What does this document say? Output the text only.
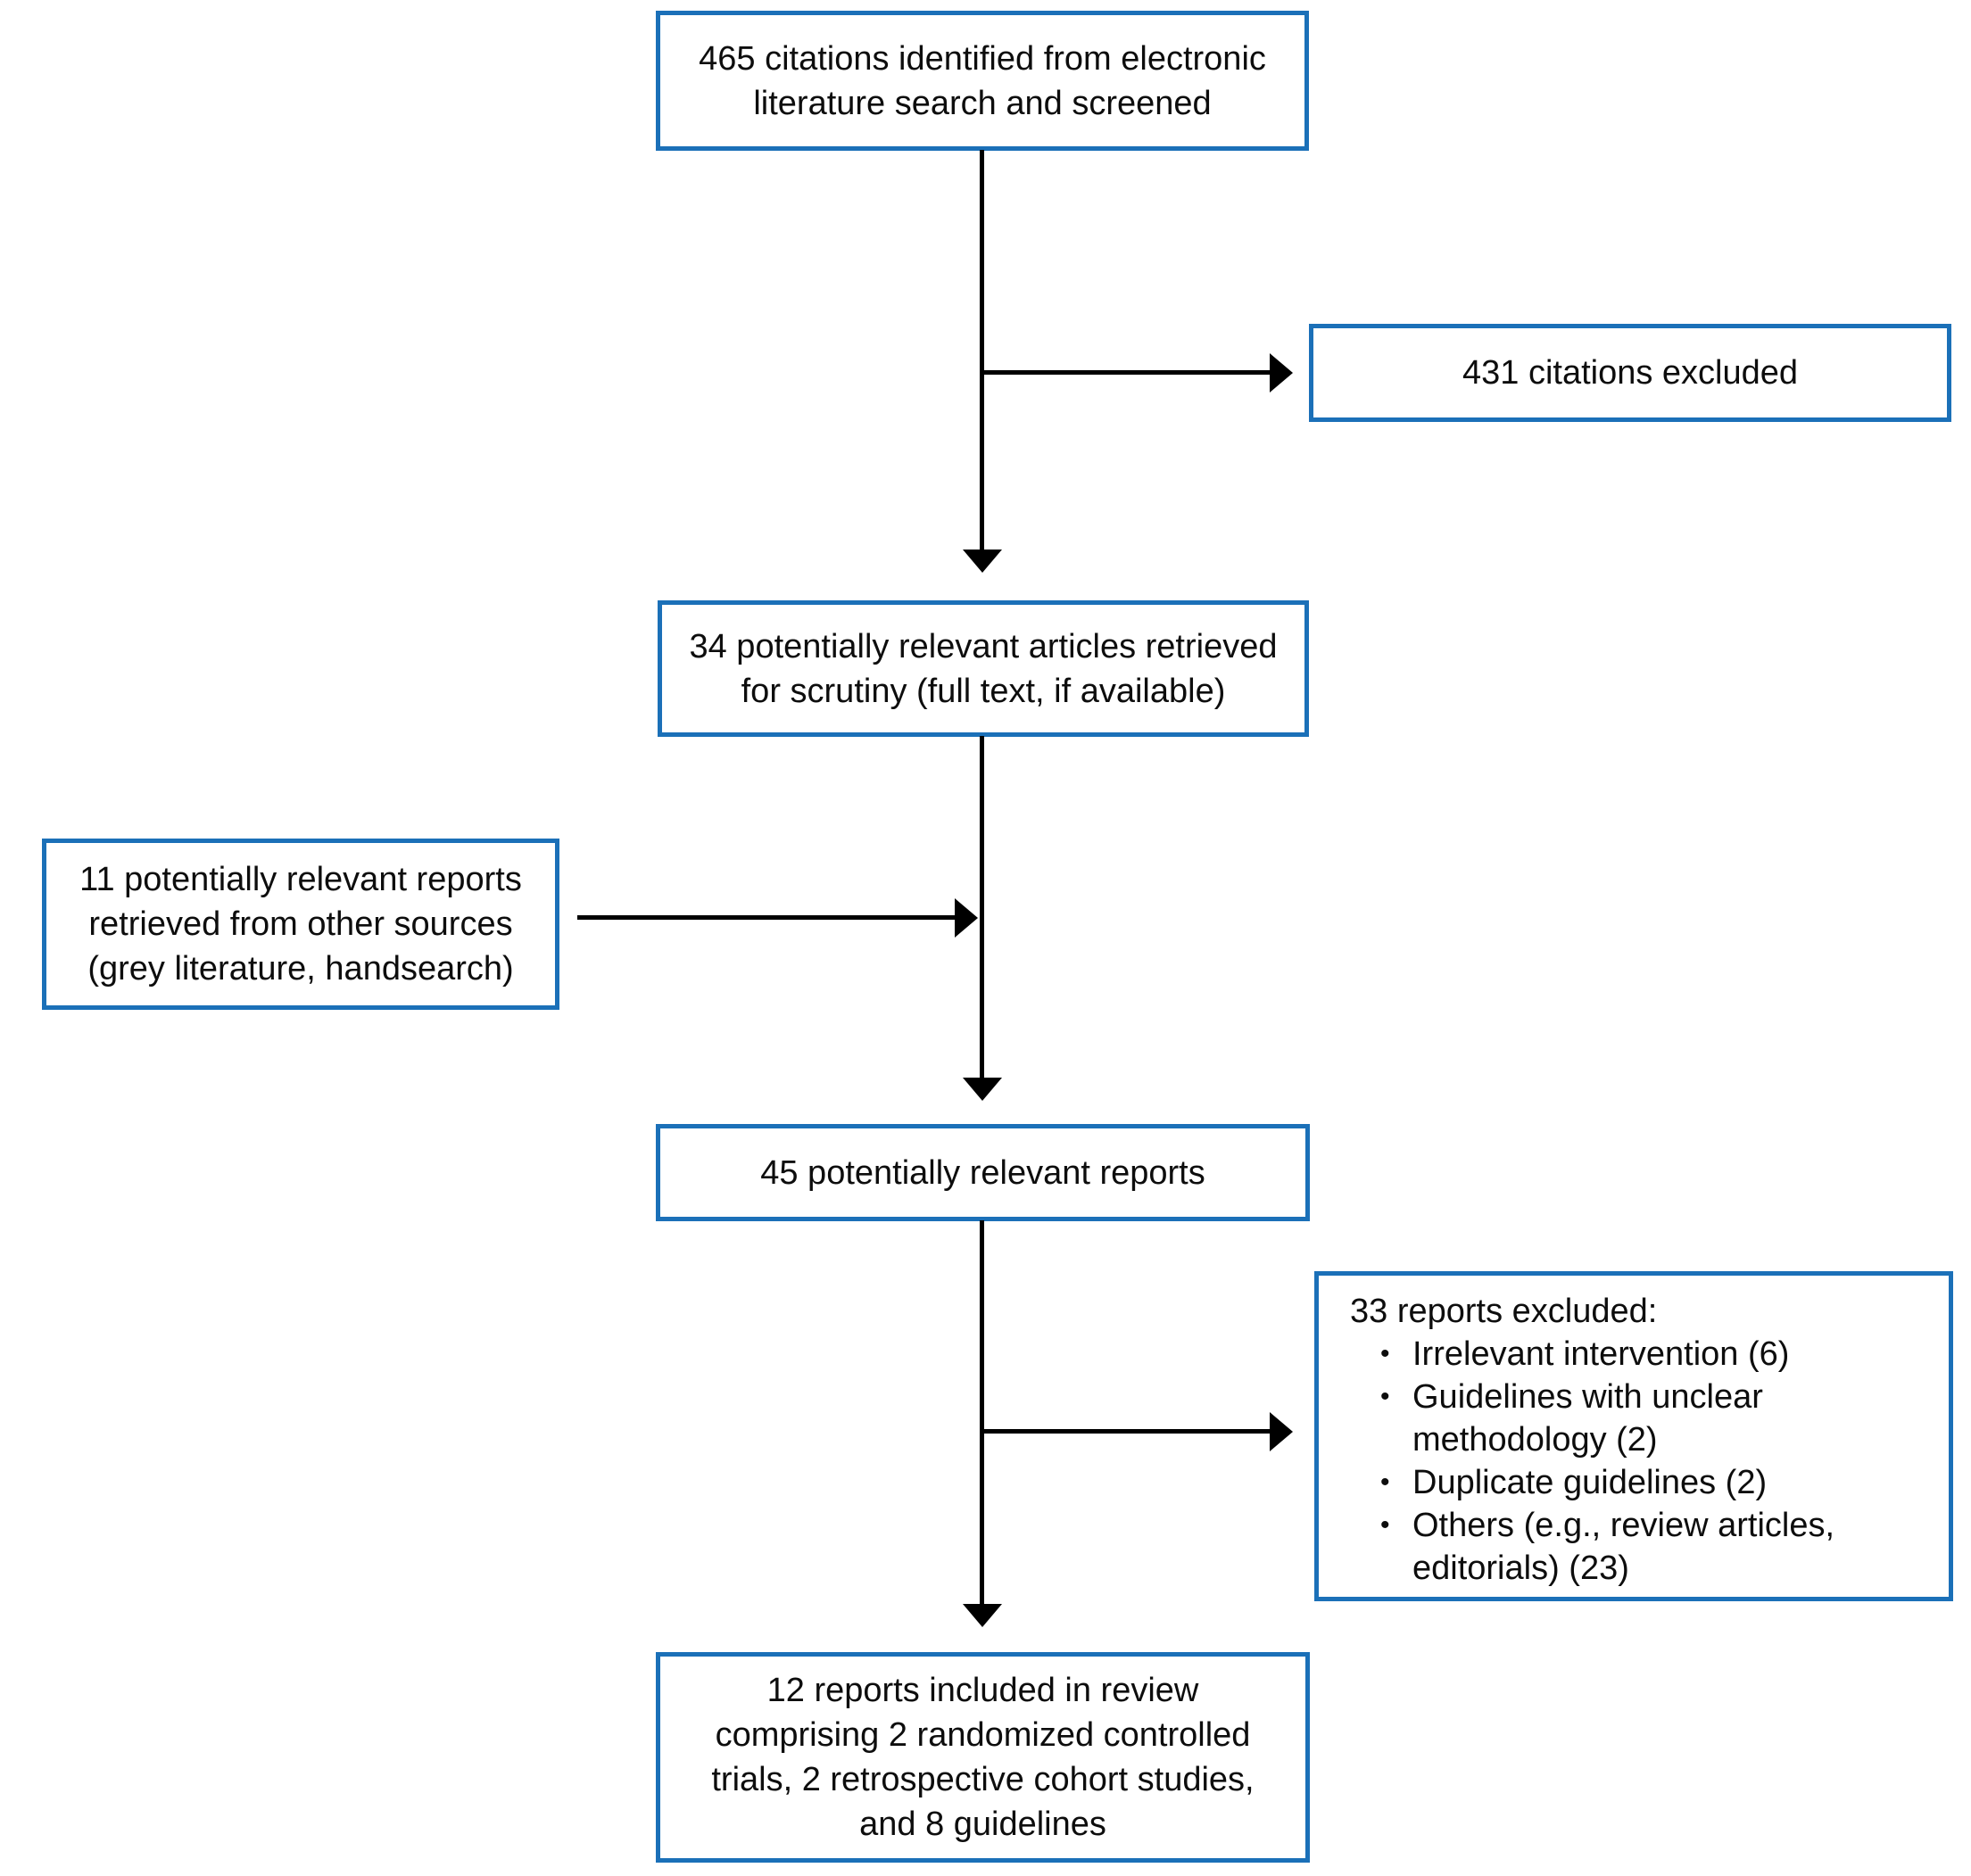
465 citations identified from electronic literature search and screened
431 citations excluded
34 potentially relevant articles retrieved for scrutiny (full text, if available)
11 potentially relevant reports retrieved from other sources (grey literature, handsearch)
45 potentially relevant reports
33 reports excluded:
• Irrelevant intervention (6)
• Guidelines with unclear methodology (2)
• Duplicate guidelines (2)
• Others (e.g., review articles, editorials) (23)
12 reports included in review comprising 2 randomized controlled trials, 2 retrospective cohort studies, and 8 guidelines
